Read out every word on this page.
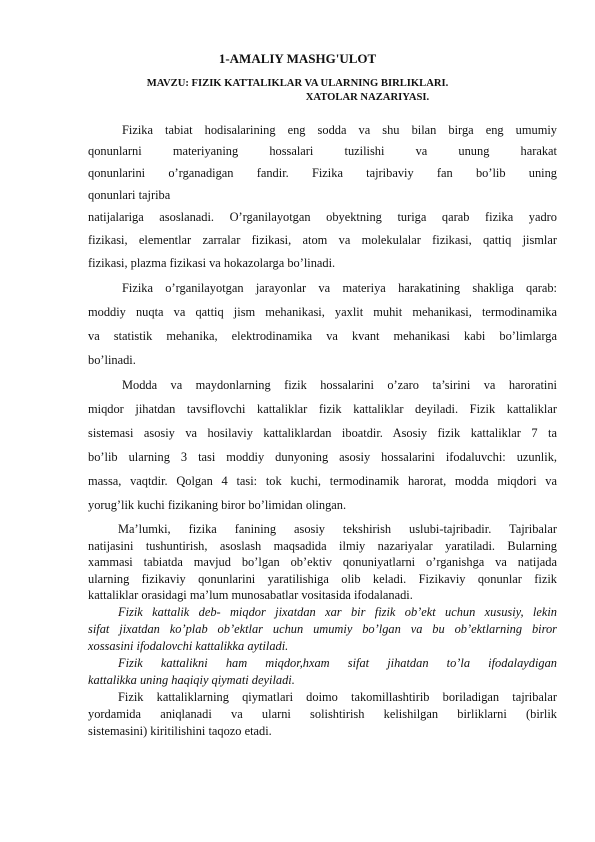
1-AMALIY MASHG'ULOT
MAVZU: FIZIK KATTALIKLAR VA ULARNING BIRLIKLARI.
XATOLAR NAZARIYASI.
Fizika tabiat hodisalarining eng sodda va shu bilan birga eng umumiy
qonunlarni materiyaning hossalari tuzilishi va unung harakat
qonunlarini o’rganadigan fandir. Fizika tajribaviy fan bo’lib uning
qonunlari tajriba
natijalariga asoslanadi. O’rganilayotgan obyektning turiga qarab fizika yadro
fizikasi, elementlar zarralar fizikasi, atom va molekulalar fizikasi, qattiq jismlar
fizikasi, plazma fizikasi va hokazolarga bo’linadi.
Fizika o’rganilayotgan jarayonlar va materiya harakatining shakliga qarab:
moddiy nuqta va qattiq jism mehanikasi, yaxlit muhit mehanikasi, termodinamika
va statistik mehanika, elektrodinamika va kvant mehanikasi kabi bo’limlarga
bo’linadi.
Modda va maydonlarning fizik hossalarini o’zaro ta’sirini va haroratini
miqdor jihatdan tavsiflovchi kattaliklar fizik kattaliklar deyiladi. Fizik kattaliklar
sistemasi asosiy va hosilaviy kattaliklardan iboatdir. Asosiy fizik kattaliklar 7 ta
bo’lib ularning 3 tasi moddiy dunyoning asosiy hossalarini ifodaluvchi: uzunlik,
massa, vaqtdir. Qolgan 4 tasi: tok kuchi, termodinamik harorat, modda miqdori va
yorug’lik kuchi fizikaning biror bo’limidan olingan.
Ma’lumki, fizika fanining asosiy tekshirish uslubi-tajribadir. Tajribalar
natijasini tushuntirish, asoslash maqsadida ilmiy nazariyalar yaratiladi. Bularning
xammasi tabiatda mavjud bo’lgan ob’ektiv qonuniyatlarni o’rganishga va natijada
ularning fizikaviy qonunlarini yaratilishiga olib keladi. Fizikaviy qonunlar fizik
kattaliklar orasidagi ma’lum munosabatlar vositasida ifodalanadi.
Fizik kattalik deb- miqdor jixatdan xar bir fizik ob’ekt uchun xususiy, lekin
sifat jixatdan ko’plab ob’ektlar uchun umumiy bo’lgan va bu ob’ektlarning biror
xossasini ifodalovchi kattalikka aytiladi.
Fizik kattalikni ham miqdor,hxam sifat jihatdan to’la ifodalaydigan
kattalikka uning haqiqiy qiymati deyiladi.
Fizik kattaliklarning qiymatlari doimo takomillashtirib boriladigan tajribalar
yordamida aniqlanadi va ularni solishtirish kelishilgan birliklarni (birlik
sistemasini) kiritilishini taqozo etadi.
